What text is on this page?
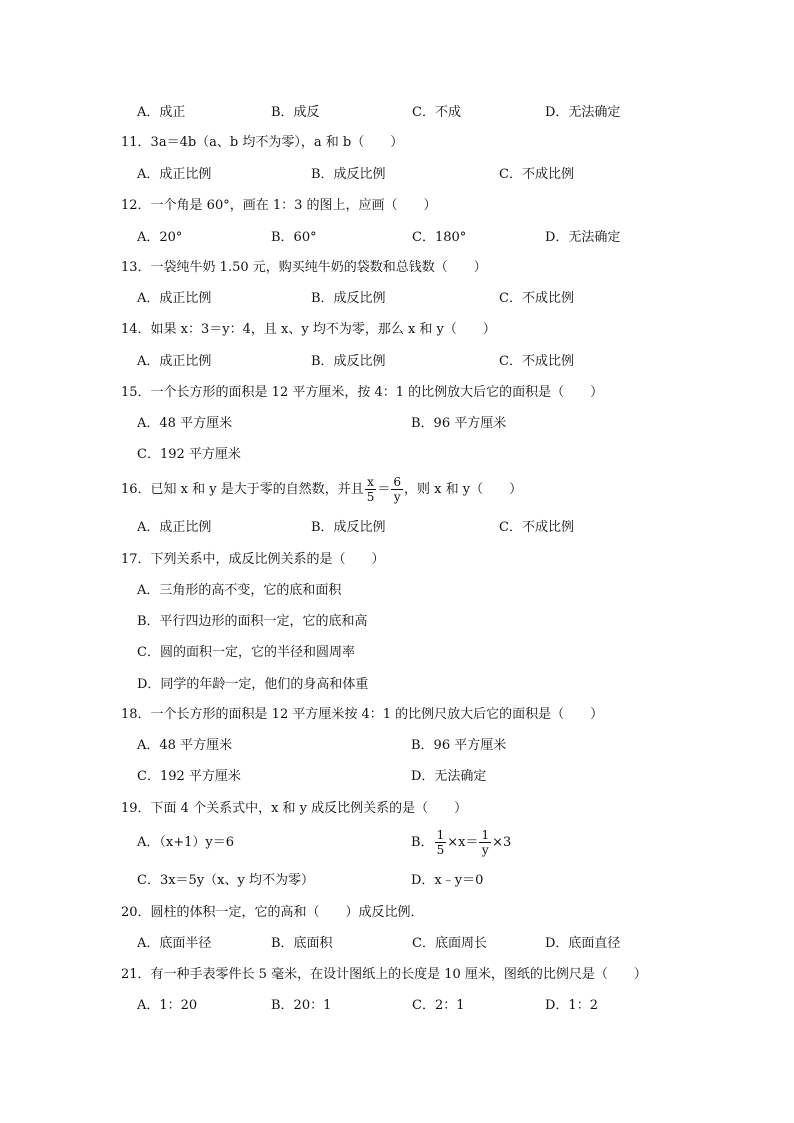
A．成正	B．成反	C．不成	D．无法确定
11．3a＝4b（a、b 均不为零），a 和 b（　　）
A．成正比例	B．成反比例	C．不成比例
12．一个角是 60°，画在 1：3 的图上，应画（　　）
A．20°	B．60°	C．180°	D．无法确定
13．一袋纯牛奶 1.50 元，购买纯牛奶的袋数和总钱数（　　）
A．成正比例	B．成反比例	C．不成比例
14．如果 x：3＝y：4，且 x、y 均不为零，那么 x 和 y（　　）
A．成正比例	B．成反比例	C．不成比例
15．一个长方形的面积是 12 平方厘米，按 4：1 的比例放大后它的面积是（　　）
A．48 平方厘米	B．96 平方厘米
C．192 平方厘米
16．已知 x 和 y 是大于零的自然数，并且 $\frac{x}{5} = \frac{6}{y}$ ，则 x 和 y（　　）
A．成正比例	B．成反比例	C．不成比例
17．下列关系中，成反比例关系的是（　　）
A．三角形的高不变，它的底和面积
B．平行四边形的面积一定，它的底和高
C．圆的面积一定，它的半径和圆周率
D．同学的年龄一定，他们的身高和体重
18．一个长方形的面积是 12 平方厘米按 4：1 的比例尺放大后它的面积是（　　）
A．48 平方厘米	B．96 平方厘米
C．192 平方厘米	D．无法确定
19．下面 4 个关系式中，x 和 y 成反比例关系的是（　　）
A．（x+1）y＝6	B． $\frac{1}{5} \times x= \frac{1}{y} \times 3$
C．3x＝5y（x、y 均不为零）	D．x﹣y＝0
20．圆柱的体积一定，它的高和（　　）成反比例．
A．底面半径	B．底面积	C．底面周长	D．底面直径
21．有一种手表零件长 5 毫米，在设计图纸上的长度是 10 厘米，图纸的比例尺是（　　）
A．1：20	B．20：1	C．2：1	D．1：2
